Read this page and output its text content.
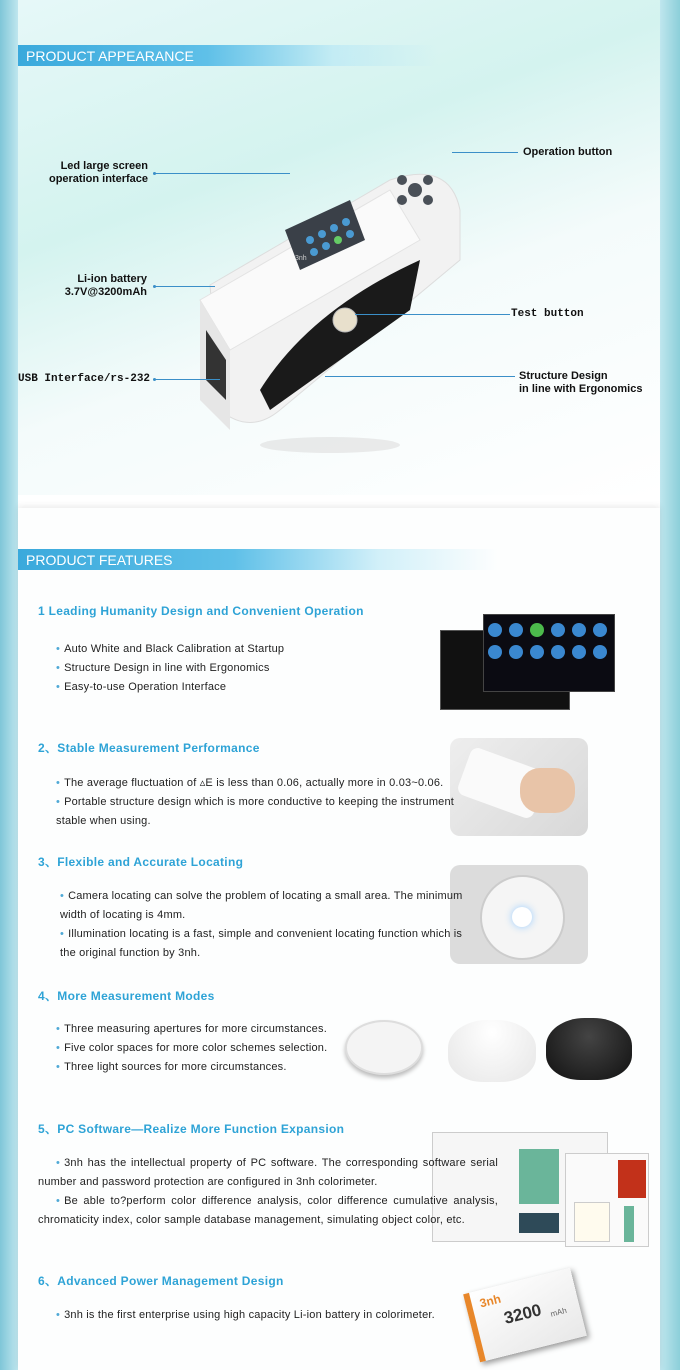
PRODUCT APPEARANCE
3nh
Led large screen
operation interface
Li-ion battery
3.7V@3200mAh
USB Interface/rs-232
Operation button
Test button
Structure Design
in line with Ergonomics
PRODUCT FEATURES
1 Leading Humanity Design and Convenient Operation
• Auto White and Black Calibration at Startup
• Structure Design in line with Ergonomics
• Easy-to-use Operation Interface
2、Stable Measurement Performance
• The average fluctuation of ▵E is less than 0.06, actually more in 0.03~0.06.
• Portable structure design which is more conductive to keeping the instrument stable when using.
3、Flexible and Accurate Locating
• Camera locating can solve the problem of locating a small area. The minimum width of locating is 4mm.
• Illumination locating is a fast, simple and convenient locating function which is the original function by 3nh.
4、More Measurement Modes
• Three measuring apertures for more circumstances.
• Five color spaces for more color schemes selection.
• Three light sources for more circumstances.
5、PC Software—Realize More Function Expansion
• 3nh has the intellectual property of PC software. The corresponding software serial number and password protection are configured in 3nh colorimeter.
• Be able to?perform color difference analysis, color difference cumulative analysis, chromaticity index, color sample database management, simulating object color, etc.
6、Advanced Power Management Design
3nh 3200 mAh
• 3nh is the first enterprise using high capacity Li-ion battery in colorimeter.
